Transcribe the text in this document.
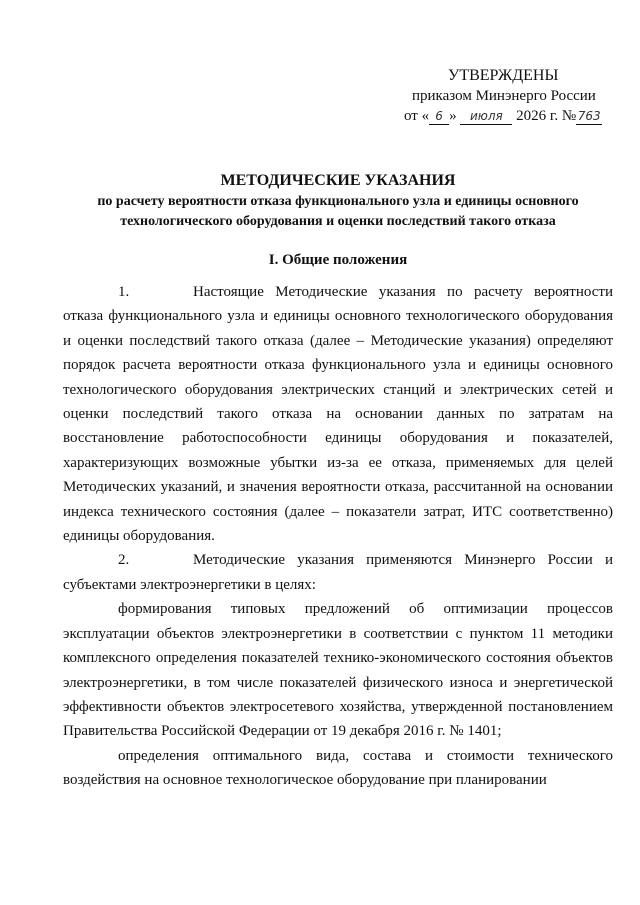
УТВЕРЖДЕНЫ
приказом Минэнерго России
от « 6 » июля 2026 г. № 763
МЕТОДИЧЕСКИЕ УКАЗАНИЯ
по расчету вероятности отказа функционального узла и единицы основного технологического оборудования и оценки последствий такого отказа
I. Общие положения

1.	Настоящие Методические указания по расчету вероятности отказа функционального узла и единицы основного технологического оборудования и оценки последствий такого отказа (далее – Методические указания) определяют порядок расчета вероятности отказа функционального узла и единицы основного технологического оборудования электрических станций и электрических сетей и оценки последствий такого отказа на основании данных по затратам на восстановление работоспособности единицы оборудования и показателей, характеризующих возможные убытки из-за ее отказа, применяемых для целей Методических указаний, и значения вероятности отказа, рассчитанной на основании индекса технического состояния (далее – показатели затрат, ИТС соответственно) единицы оборудования.

2.	Методические указания применяются Минэнерго России и субъектами электроэнергетики в целях:

формирования типовых предложений об оптимизации процессов эксплуатации объектов электроэнергетики в соответствии с пунктом 11 методики комплексного определения показателей технико-экономического состояния объектов электроэнергетики, в том числе показателей физического износа и энергетической эффективности объектов электросетевого хозяйства, утвержденной постановлением Правительства Российской Федерации от 19 декабря 2016 г. № 1401;

определения оптимального вида, состава и стоимости технического воздействия на основное технологическое оборудование при планировании
